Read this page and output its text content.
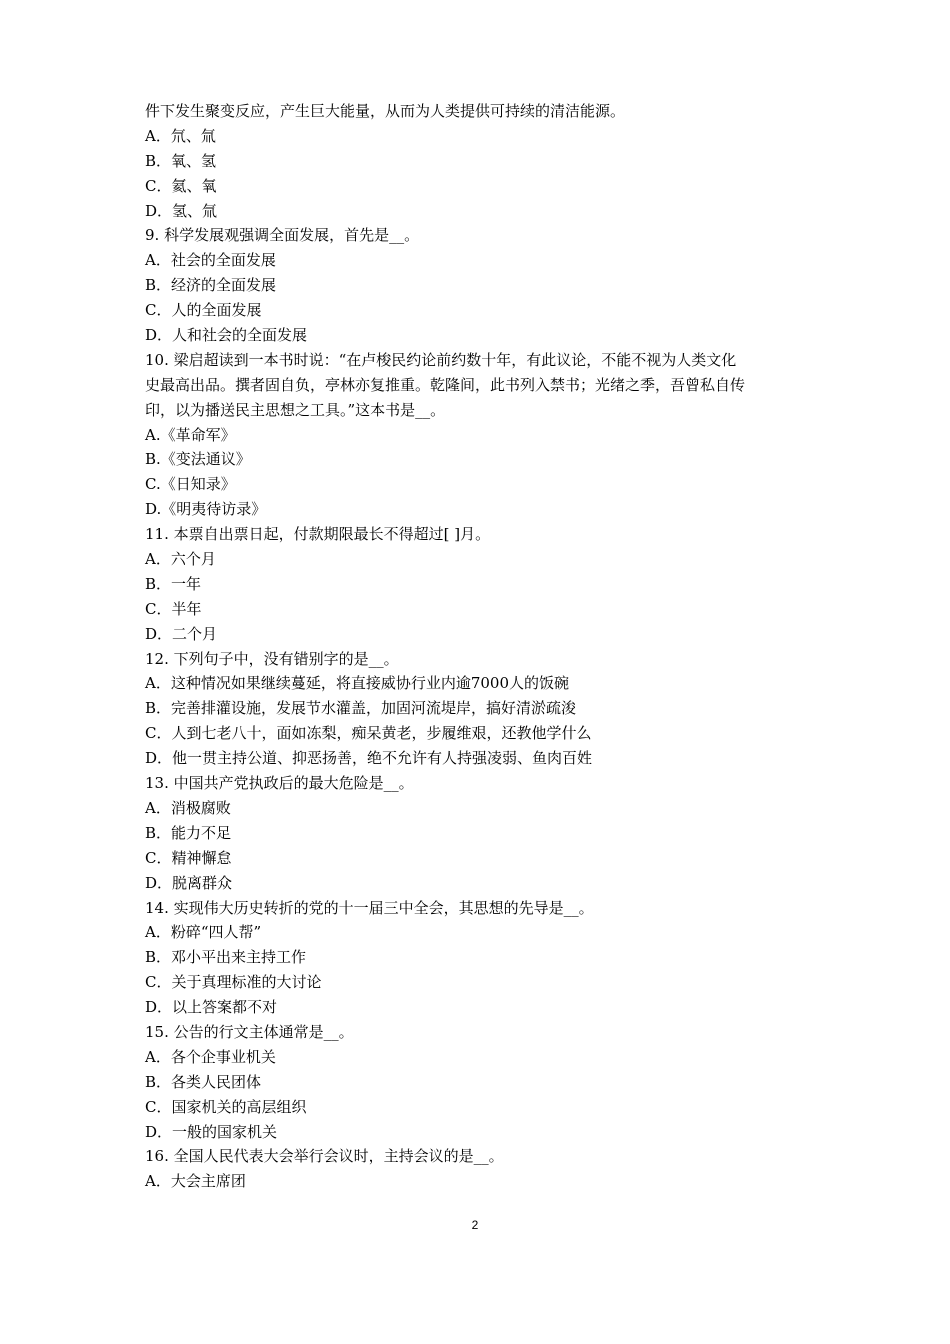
件下发生聚变反应，产生巨大能量，从而为人类提供可持续的清洁能源。
A．氘、氚
B．氧、氢
C．氦、氧
D．氢、氚
9. 科学发展观强调全面发展，首先是__。
A．社会的全面发展
B．经济的全面发展
C．人的全面发展
D．人和社会的全面发展
10. 梁启超读到一本书时说：“在卢梭民约论前约数十年，有此议论，不能不视为人类文化
史最高出品。撰者固自负，亭林亦复推重。乾隆间，此书列入禁书；光绪之季，吾曾私自传
印，以为播送民主思想之工具。”这本书是__。
A.《革命军》
B.《变法通议》
C.《日知录》
D.《明夷待访录》
11. 本票自出票日起，付款期限最长不得超过[ ]月。
A．六个月
B．一年
C．半年
D．二个月
12. 下列句子中，没有错别字的是__。
A．这种情况如果继续蔓延，将直接威协行业内逾7000人的饭碗
B．完善排灌设施，发展节水灌盖，加固河流堤岸，搞好清淤疏浚
C．人到七老八十，面如冻梨，痴呆黄老，步履维艰，还教他学什么
D．他一贯主持公道、抑恶扬善，绝不允许有人持强凌弱、鱼肉百姓
13. 中国共产党执政后的最大危险是__。
A．消极腐败
B．能力不足
C．精神懈怠
D．脱离群众
14. 实现伟大历史转折的党的十一届三中全会，其思想的先导是__。
A．粉碎“四人帮”
B．邓小平出来主持工作
C．关于真理标准的大讨论
D．以上答案都不对
15. 公告的行文主体通常是__。
A．各个企事业机关
B．各类人民团体
C．国家机关的高层组织
D．一般的国家机关
16. 全国人民代表大会举行会议时，主持会议的是__。
A．大会主席团
2
